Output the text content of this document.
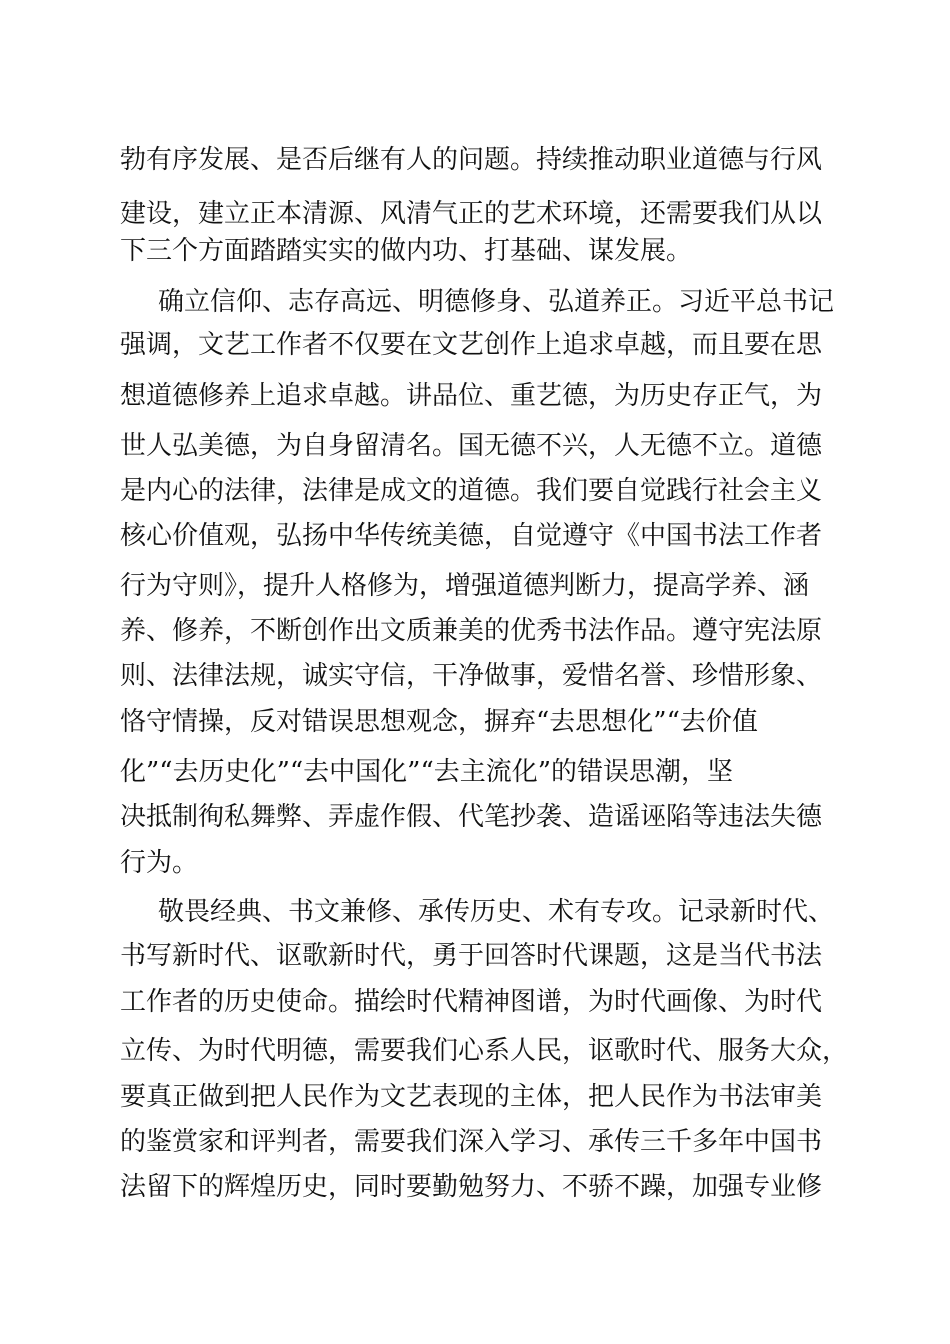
勃有序发展、是否后继有人的问题。持续推动职业道德与行风
建设，建立正本清源、风清气正的艺术环境，还需要我们从以
下三个方面踏踏实实的做内功、打基础、谋发展。
确立信仰、志存高远、明德修身、弘道养正。习近平总书记
强调，文艺工作者不仅要在文艺创作上追求卓越，而且要在思
想道德修养上追求卓越。讲品位、重艺德，为历史存正气，为
世人弘美德，为自身留清名。国无德不兴，人无德不立。道德
是内心的法律，法律是成文的道德。我们要自觉践行社会主义
核心价值观，弘扬中华传统美德，自觉遵守《中国书法工作者
行为守则》，提升人格修为，增强道德判断力，提高学养、涵
养、修养，不断创作出文质兼美的优秀书法作品。遵守宪法原
则、法律法规，诚实守信，干净做事，爱惜名誉、珍惜形象、
恪守情操，反对错误思想观念，摒弃“去思想化”“去价值
化”“去历史化”“去中国化”“去主流化”的错误思潮，坚
决抵制徇私舞弊、弄虚作假、代笔抄袭、造谣诬陷等违法失德
行为。
敬畏经典、书文兼修、承传历史、术有专攻。记录新时代、
书写新时代、讴歌新时代，勇于回答时代课题，这是当代书法
工作者的历史使命。描绘时代精神图谱，为时代画像、为时代
立传、为时代明德，需要我们心系人民，讴歌时代、服务大众，
要真正做到把人民作为文艺表现的主体，把人民作为书法审美
的鉴赏家和评判者，需要我们深入学习、承传三千多年中国书
法留下的辉煌历史，同时要勤勉努力、不骄不躁，加强专业修
